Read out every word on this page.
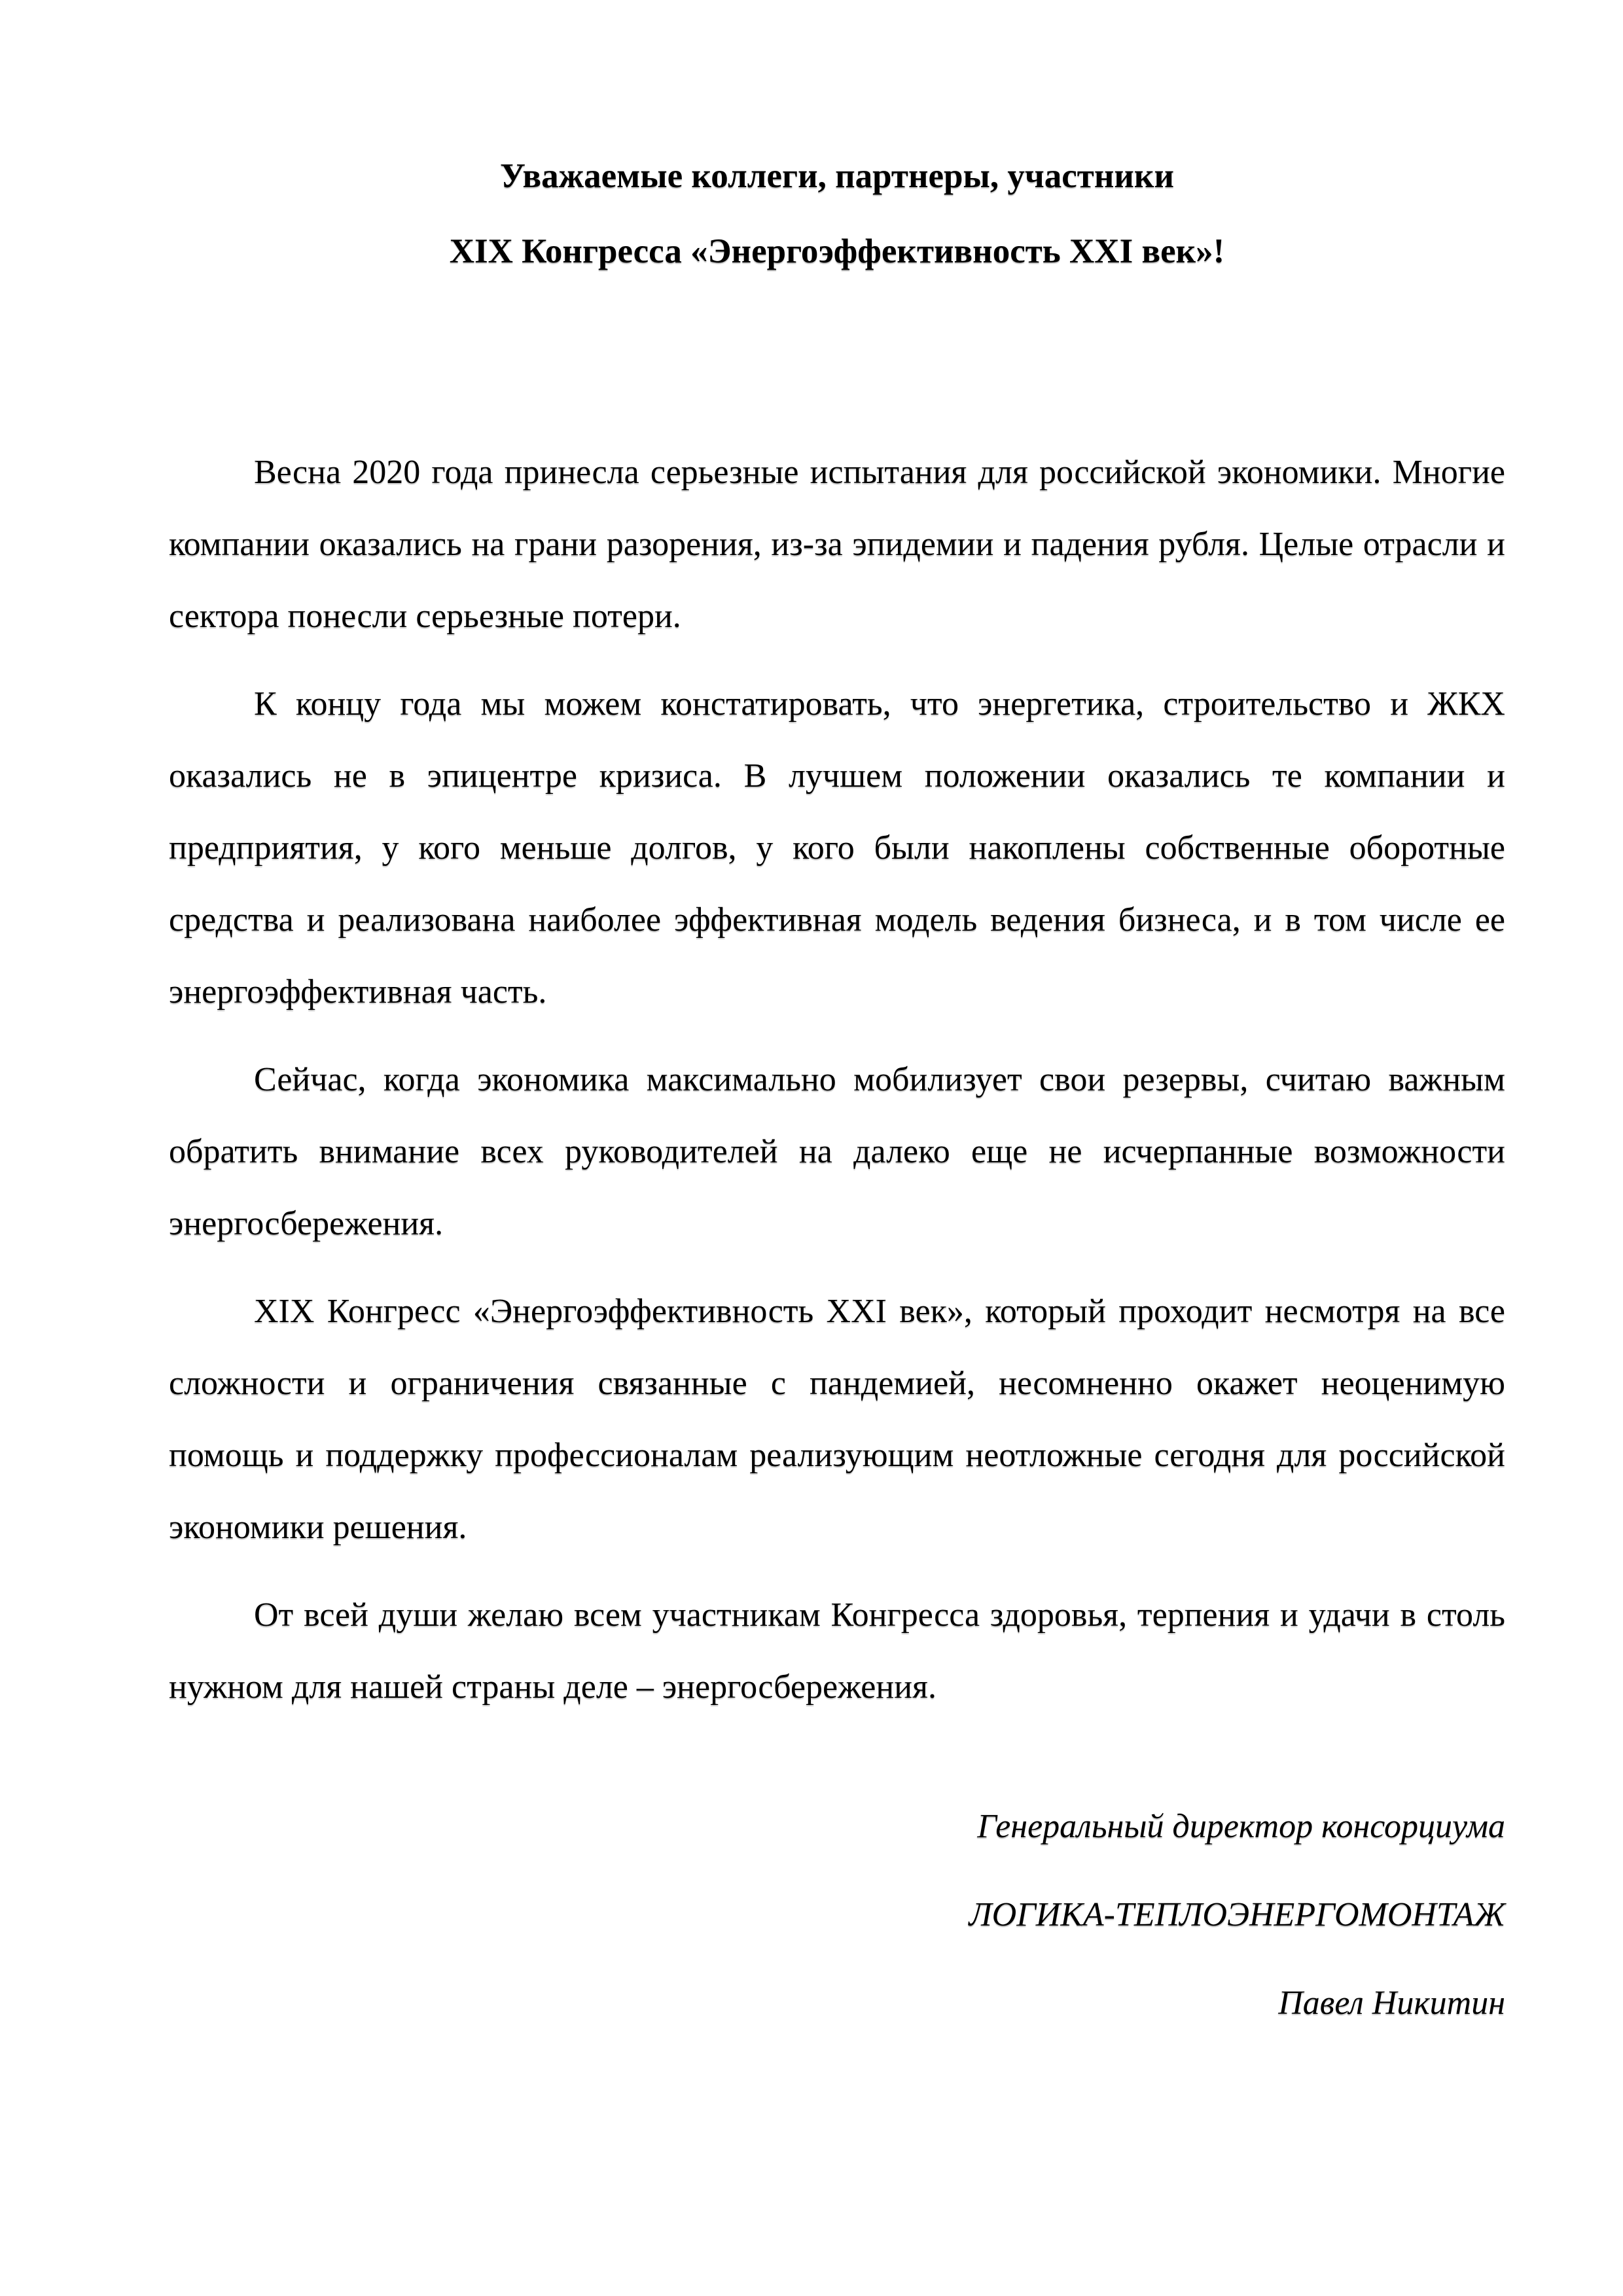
Уважаемые коллеги, партнеры, участники
XIX Конгресса «Энергоэффективность XXI век»!

Весна 2020 года принесла серьезные испытания для российской экономики. Многие компании оказались на грани разорения, из-за эпидемии и падения рубля. Целые отрасли и сектора понесли серьезные потери.

К концу года мы можем констатировать, что энергетика, строительство и ЖКХ оказались не в эпицентре кризиса. В лучшем положении оказались те компании и предприятия, у кого меньше долгов, у кого были накоплены собственные оборотные средства и реализована наиболее эффективная модель ведения бизнеса, и в том числе ее энергоэффективная часть.

Сейчас, когда экономика максимально мобилизует свои резервы, считаю важным обратить внимание всех руководителей на далеко еще не исчерпанные возможности энергосбережения.

XIX Конгресс «Энергоэффективность XXI век», который проходит несмотря на все сложности и ограничения связанные с пандемией, несомненно окажет неоценимую помощь и поддержку профессионалам реализующим неотложные сегодня для российской экономики решения.

От всей души желаю всем участникам Конгресса здоровья, терпения и удачи в столь нужном для нашей страны деле – энергосбережения.

Генеральный директор консорциума
ЛОГИКА-ТЕПЛОЭНЕРГОМОНТАЖ
Павел Никитин
